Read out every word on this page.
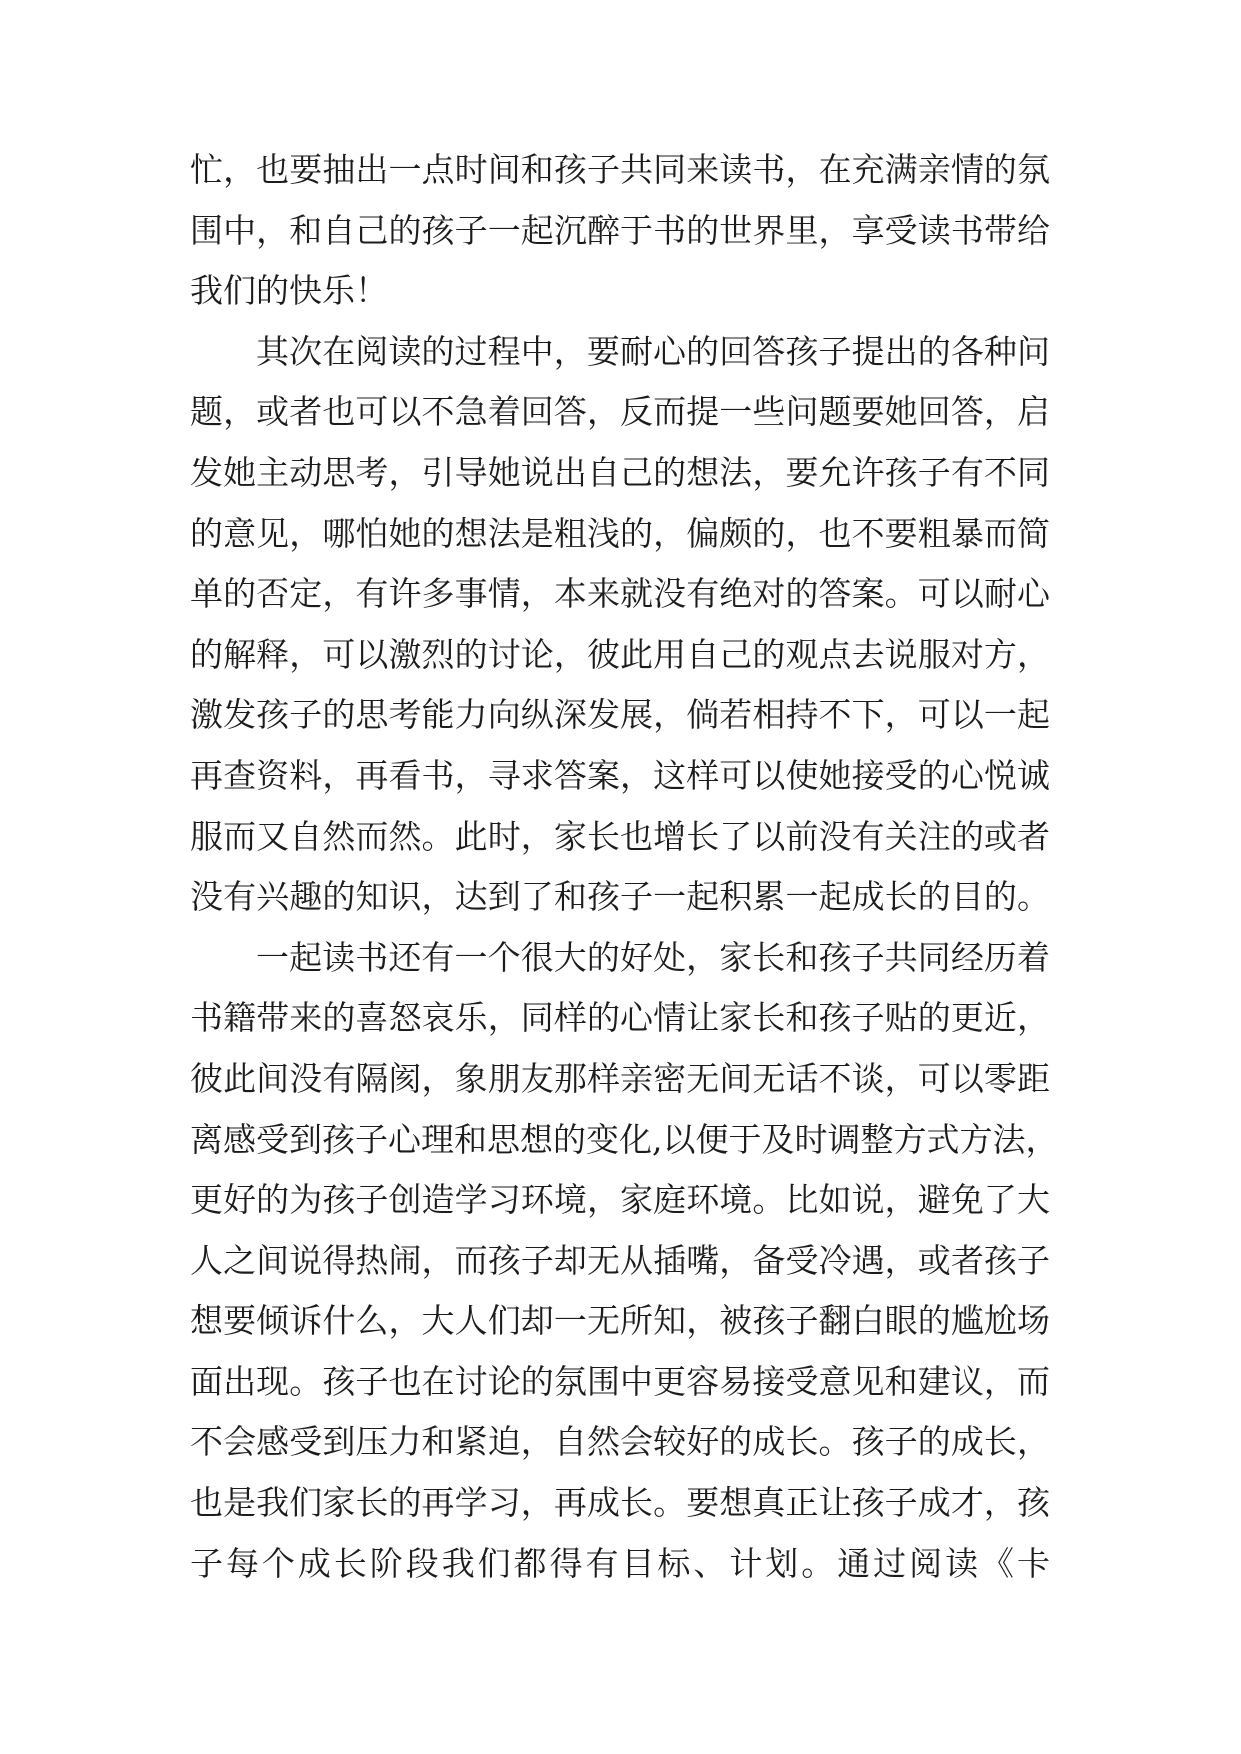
忙，也要抽出一点时间和孩子共同来读书，在充满亲情的氛
围中，和自己的孩子一起沉醉于书的世界里，享受读书带给
我们的快乐！
其次在阅读的过程中，要耐心的回答孩子提出的各种问
题，或者也可以不急着回答，反而提一些问题要她回答，启
发她主动思考，引导她说出自己的想法，要允许孩子有不同
的意见，哪怕她的想法是粗浅的，偏颇的，也不要粗暴而简
单的否定，有许多事情，本来就没有绝对的答案。可以耐心
的解释，可以激烈的讨论，彼此用自己的观点去说服对方，
激发孩子的思考能力向纵深发展，倘若相持不下，可以一起
再查资料，再看书，寻求答案，这样可以使她接受的心悦诚
服而又自然而然。此时，家长也增长了以前没有关注的或者
没有兴趣的知识，达到了和孩子一起积累一起成长的目的。
一起读书还有一个很大的好处，家长和孩子共同经历着
书籍带来的喜怒哀乐，同样的心情让家长和孩子贴的更近，
彼此间没有隔阂，象朋友那样亲密无间无话不谈，可以零距
离感受到孩子心理和思想的变化,以便于及时调整方式方法，
更好的为孩子创造学习环境，家庭环境。比如说，避免了大
人之间说得热闹，而孩子却无从插嘴，备受冷遇，或者孩子
想要倾诉什么，大人们却一无所知，被孩子翻白眼的尴尬场
面出现。孩子也在讨论的氛围中更容易接受意见和建议，而
不会感受到压力和紧迫，自然会较好的成长。孩子的成长，
也是我们家长的再学习，再成长。要想真正让孩子成才，孩
子每个成长阶段我们都得有目标、计划。通过阅读《卡
